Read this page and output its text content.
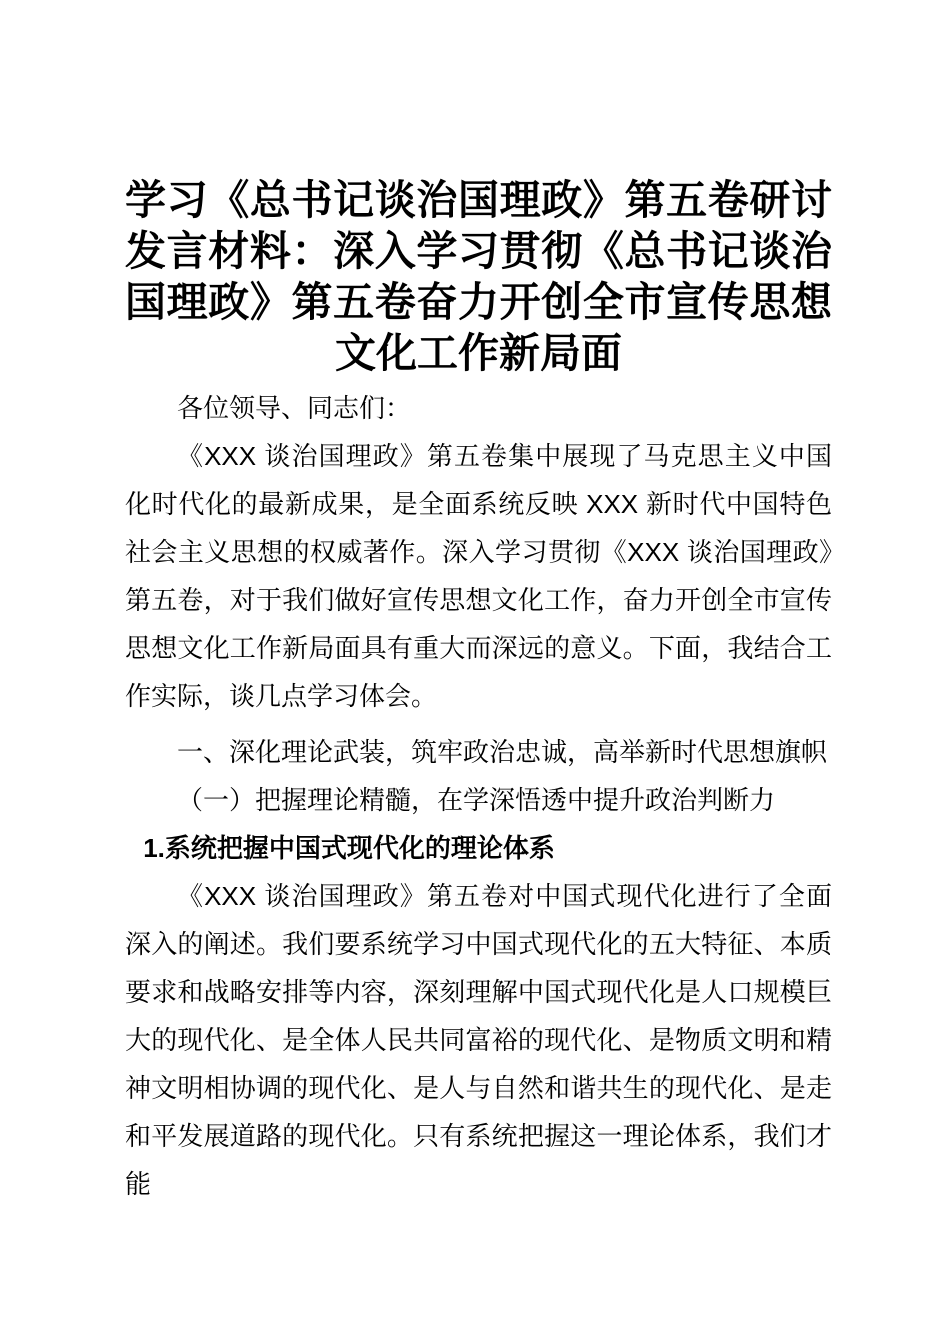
学习《总书记谈治国理政》第五卷研讨发言材料：深入学习贯彻《总书记谈治国理政》第五卷奋力开创全市宣传思想文化工作新局面

各位领导、同志们：

《XXX 谈治国理政》第五卷集中展现了马克思主义中国化时代化的最新成果，是全面系统反映 XXX 新时代中国特色社会主义思想的权威著作。深入学习贯彻《XXX 谈治国理政》第五卷，对于我们做好宣传思想文化工作，奋力开创全市宣传思想文化工作新局面具有重大而深远的意义。下面，我结合工作实际，谈几点学习体会。

一、深化理论武装，筑牢政治忠诚，高举新时代思想旗帜

（一）把握理论精髓，在学深悟透中提升政治判断力

1.系统把握中国式现代化的理论体系

《XXX 谈治国理政》第五卷对中国式现代化进行了全面深入的阐述。我们要系统学习中国式现代化的五大特征、本质要求和战略安排等内容，深刻理解中国式现代化是人口规模巨大的现代化、是全体人民共同富裕的现代化、是物质文明和精神文明相协调的现代化、是人与自然和谐共生的现代化、是走和平发展道路的现代化。只有系统把握这一理论体系，我们才能
